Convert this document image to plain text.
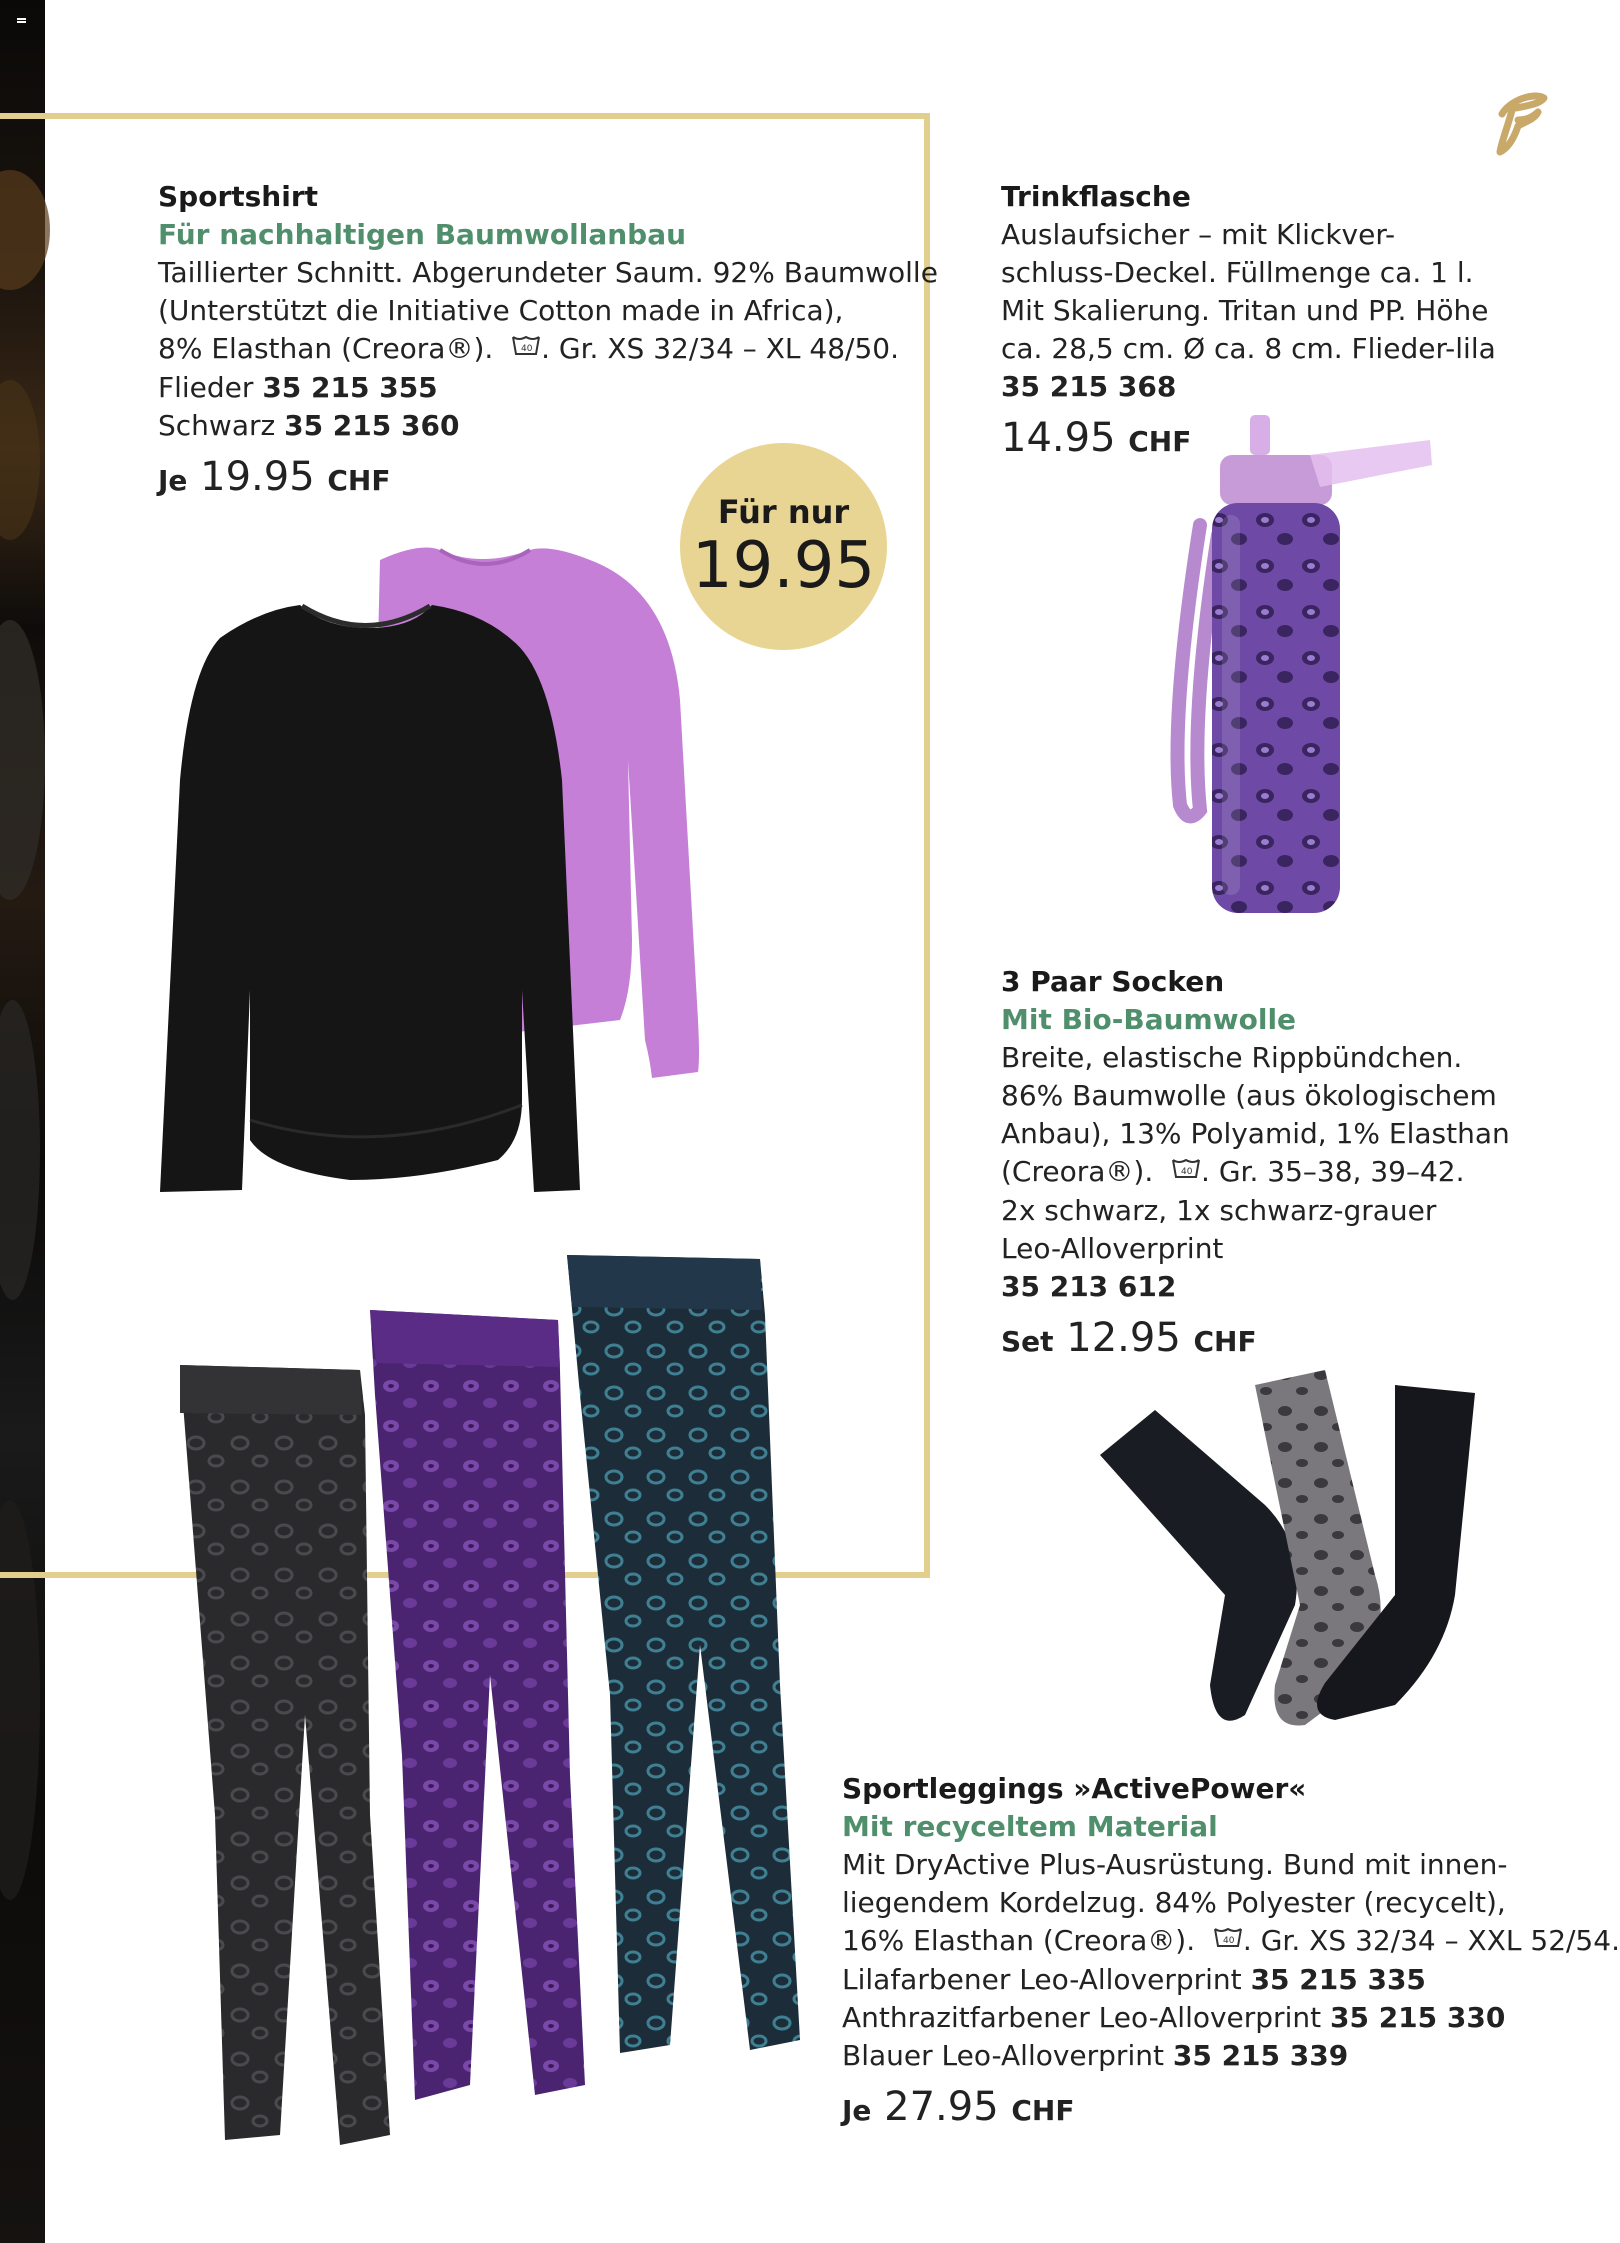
Sportshirt
Für nachhaltigen Baumwollanbau
Taillierter Schnitt. Abgerundeter Saum. 92% Baumwolle
(Unterstützt die Initiative Cotton made in Africa),
8% Elasthan (Creora®).	40 . Gr. XS 32/34 – XL 48/50.
Flieder 35 215 355
Schwarz 35 215 360
Je 19.95 CHF
Für nur
19.95
Trinkflasche
Auslaufsicher – mit Klickver-
schluss-Deckel. Füllmenge ca. 1 l.
Mit Skalierung. Tritan und PP. Höhe
ca. 28,5 cm. Ø ca. 8 cm. Flieder-lila
35 215 368
14.95 CHF
3 Paar Socken
Mit Bio-Baumwolle
Breite, elastische Rippbündchen.
86% Baumwolle (aus ökologischem
Anbau), 13% Polyamid, 1% Elasthan
(Creora®).	40 . Gr. 35–38, 39–42.
2x schwarz, 1x schwarz-grauer
Leo-Alloverprint
35 213 612
Set 12.95 CHF
Sportleggings »ActivePower«
Mit recyceltem Material
Mit DryActive Plus-Ausrüstung. Bund mit innen-
liegendem Kordelzug. 84% Polyester (recycelt),
16% Elasthan (Creora®).	40 . Gr. XS 32/34 – XXL 52/54.
Lilafarbener Leo-Alloverprint 35 215 335
Anthrazitfarbener Leo-Alloverprint 35 215 330
Blauer Leo-Alloverprint 35 215 339
Je 27.95 CHF
